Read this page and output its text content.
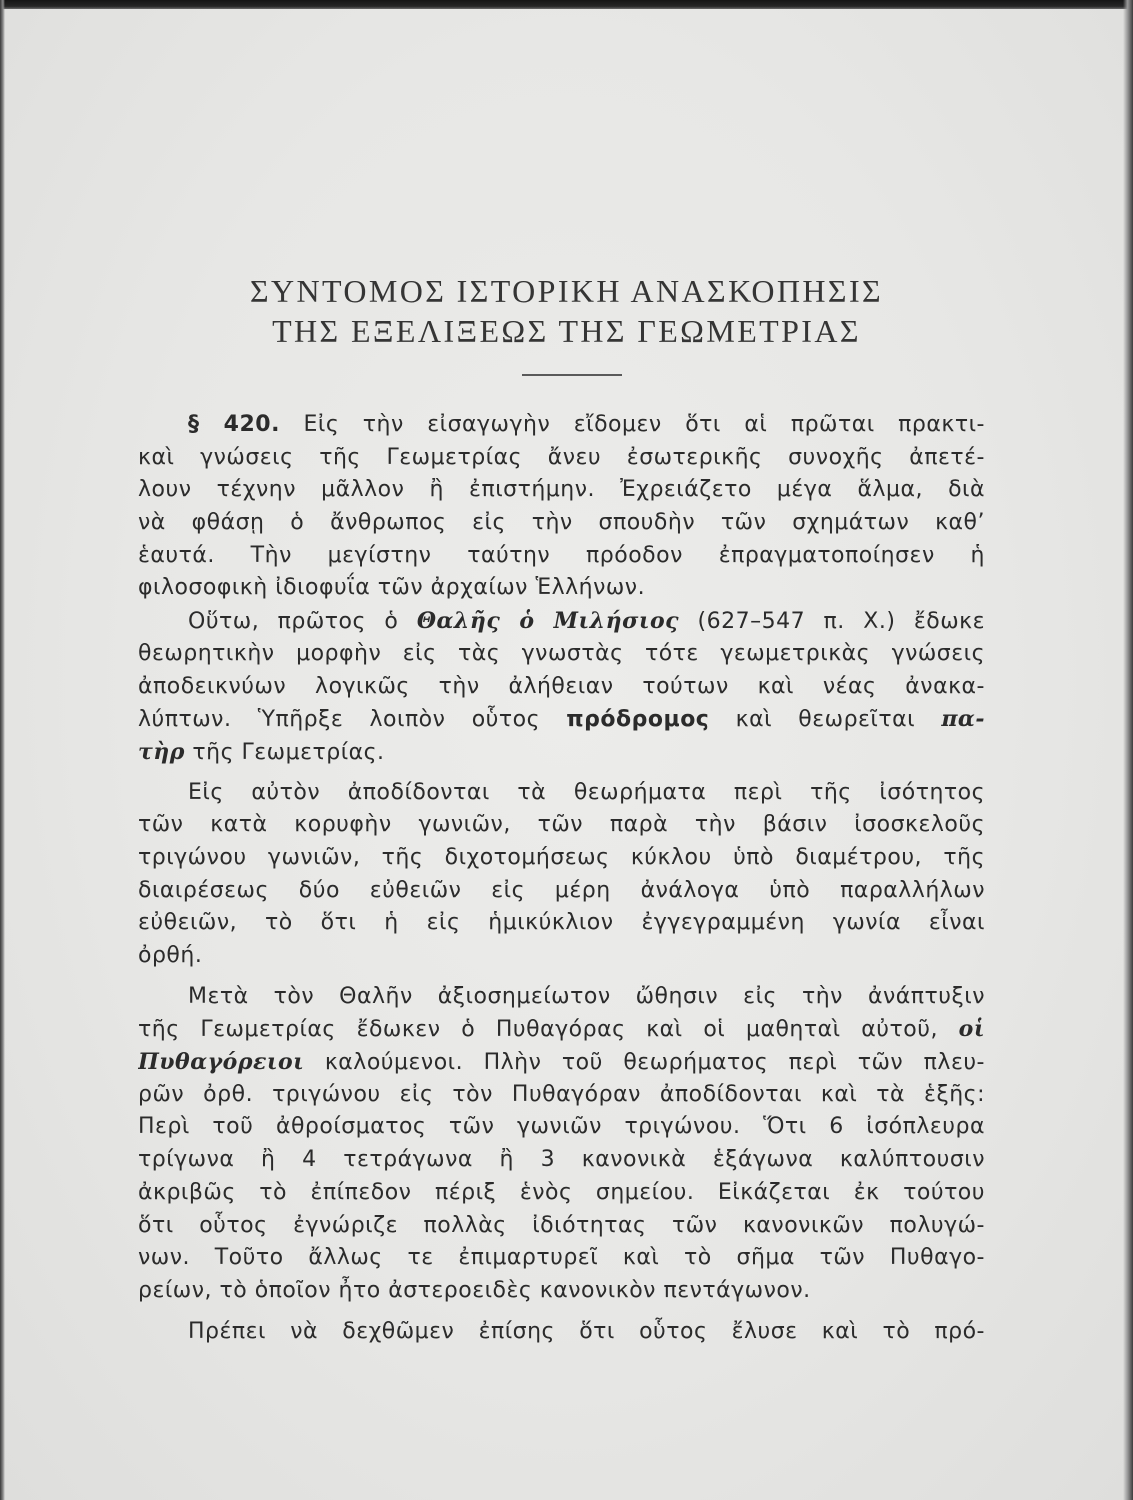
ΣΥΝΤΟΜΟΣ ΙΣΤΟΡΙΚΗ ΑΝΑΣΚΟΠΗΣΙΣ
ΤΗΣ ΕΞΕΛΙΞΕΩΣ ΤΗΣ ΓΕΩΜΕΤΡΙΑΣ
§ 420. Εἰς τὴν εἰσαγωγὴν εἴδομεν ὅτι αἱ πρῶται πρακτι-
καὶ γνώσεις τῆς Γεωμετρίας ἄνευ ἐσωτερικῆς συνοχῆς ἀπετέ-
λουν τέχνην μᾶλλον ἢ ἐπιστήμην. Ἐχρειάζετο μέγα ἅλμα, διὰ
νὰ φθάσῃ ὁ ἄνθρωπος εἰς τὴν σπουδὴν τῶν σχημάτων καθ’
ἑαυτά. Τὴν μεγίστην ταύτην πρόοδον ἐπραγματοποίησεν ἡ
φιλοσοφικὴ ἰδιοφυΐα τῶν ἀρχαίων Ἑλλήνων.
Οὕτω, πρῶτος ὁ Θαλῆς ὁ Μιλήσιος (627–547 π. Χ.) ἔδωκε
θεωρητικὴν μορφὴν εἰς τὰς γνωστὰς τότε γεωμετρικὰς γνώσεις
ἀποδεικνύων λογικῶς τὴν ἀλήθειαν τούτων καὶ νέας ἀνακα-
λύπτων. Ὑπῆρξε λοιπὸν οὗτος πρόδρομος καὶ θεωρεῖται πα-
τὴρ τῆς Γεωμετρίας.
Εἰς αὐτὸν ἀποδίδονται τὰ θεωρήματα περὶ τῆς ἰσότητος
τῶν κατὰ κορυφὴν γωνιῶν, τῶν παρὰ τὴν βάσιν ἰσοσκελοῦς
τριγώνου γωνιῶν, τῆς διχοτομήσεως κύκλου ὑπὸ διαμέτρου, τῆς
διαιρέσεως δύο εὐθειῶν εἰς μέρη ἀνάλογα ὑπὸ παραλλήλων
εὐθειῶν, τὸ ὅτι ἡ εἰς ἡμικύκλιον ἐγγεγραμμένη γωνία εἶναι
ὀρθή.
Μετὰ τὸν Θαλῆν ἀξιοσημείωτον ὤθησιν εἰς τὴν ἀνάπτυξιν
τῆς Γεωμετρίας ἔδωκεν ὁ Πυθαγόρας καὶ οἱ μαθηταὶ αὐτοῦ, οἱ
Πυθαγόρειοι καλούμενοι. Πλὴν τοῦ θεωρήματος περὶ τῶν πλευ-
ρῶν ὀρθ. τριγώνου εἰς τὸν Πυθαγόραν ἀποδίδονται καὶ τὰ ἑξῆς:
Περὶ τοῦ ἀθροίσματος τῶν γωνιῶν τριγώνου. Ὅτι 6 ἰσόπλευρα
τρίγωνα ἢ 4 τετράγωνα ἢ 3 κανονικὰ ἑξάγωνα καλύπτουσιν
ἀκριβῶς τὸ ἐπίπεδον πέριξ ἑνὸς σημείου. Εἰκάζεται ἐκ τούτου
ὅτι οὗτος ἐγνώριζε πολλὰς ἰδιότητας τῶν κανονικῶν πολυγώ-
νων. Τοῦτο ἄλλως τε ἐπιμαρτυρεῖ καὶ τὸ σῆμα τῶν Πυθαγο-
ρείων, τὸ ὁποῖον ἦτο ἀστεροειδὲς κανονικὸν πεντάγωνον.
Πρέπει νὰ δεχθῶμεν ἐπίσης ὅτι οὗτος ἔλυσε καὶ τὸ πρό-
